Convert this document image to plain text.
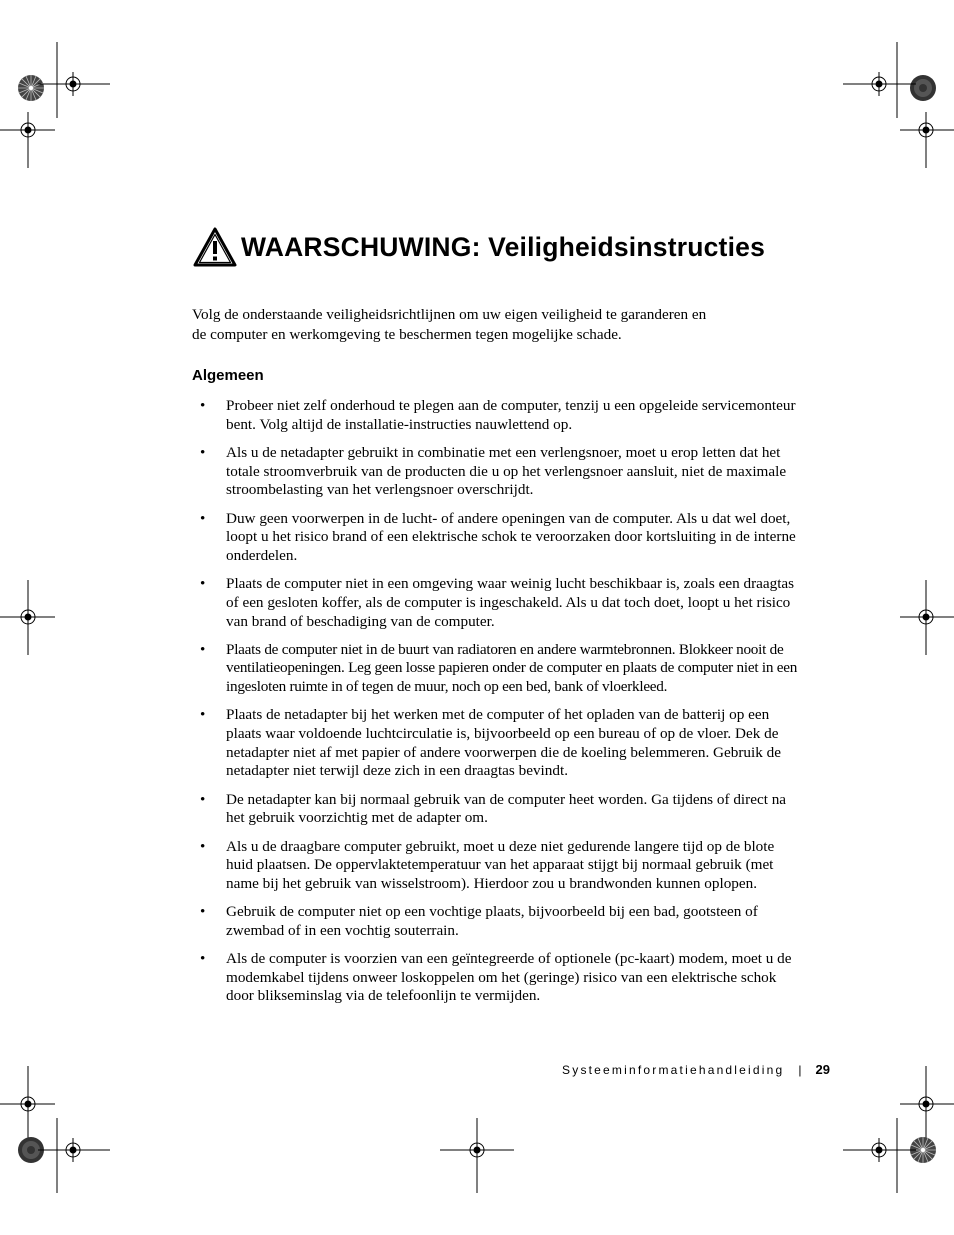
WAARSCHUWING: Veiligheidsinstructies

Volg de onderstaande veiligheidsrichtlijnen om uw eigen veiligheid te garanderen en

de computer en werkomgeving te beschermen tegen mogelijke schade.

Algemeen
• Probeer niet zelf onderhoud te plegen aan de computer, tenzij u een opgeleide servicemonteur bent. Volg altijd de installatie-instructies nauwlettend op.
• Als u de netadapter gebruikt in combinatie met een verlengsnoer, moet u erop letten dat het totale stroomverbruik van de producten die u op het verlengsnoer aansluit, niet de maximale stroombelasting van het verlengsnoer overschrijdt.
• Duw geen voorwerpen in de lucht- of andere openingen van de computer. Als u dat wel doet, loopt u het risico brand of een elektrische schok te veroorzaken door kortsluiting in de interne onderdelen.
• Plaats de computer niet in een omgeving waar weinig lucht beschikbaar is, zoals een draagtas of een gesloten koffer, als de computer is ingeschakeld. Als u dat toch doet, loopt u het risico van brand of beschadiging van de computer.
• Plaats de computer niet in de buurt van radiatoren en andere warmtebronnen. Blokkeer nooit de ventilatieopeningen. Leg geen losse papieren onder de computer en plaats de computer niet in een ingesloten ruimte in of tegen de muur, noch op een bed, bank of vloerkleed.
• Plaats de netadapter bij het werken met de computer of het opladen van de batterij op een plaats waar voldoende luchtcirculatie is, bijvoorbeeld op een bureau of op de vloer. Dek de netadapter niet af met papier of andere voorwerpen die de koeling belemmeren. Gebruik de netadapter niet terwijl deze zich in een draagtas bevindt.
• De netadapter kan bij normaal gebruik van de computer heet worden. Ga tijdens of direct na het gebruik voorzichtig met de adapter om.
• Als u de draagbare computer gebruikt, moet u deze niet gedurende langere tijd op de blote huid plaatsen. De oppervlaktetemperatuur van het apparaat stijgt bij normaal gebruik (met name bij het gebruik van wisselstroom). Hierdoor zou u brandwonden kunnen oplopen.
• Gebruik de computer niet op een vochtige plaats, bijvoorbeeld bij een bad, gootsteen of zwembad of in een vochtig souterrain.
• Als de computer is voorzien van een geïntegreerde of optionele (pc-kaart) modem, moet u de modemkabel tijdens onweer loskoppelen om het (geringe) risico van een elektrische schok door blikseminslag via de telefoonlijn te vermijden.
Systeeminformatiehandleiding | 29
